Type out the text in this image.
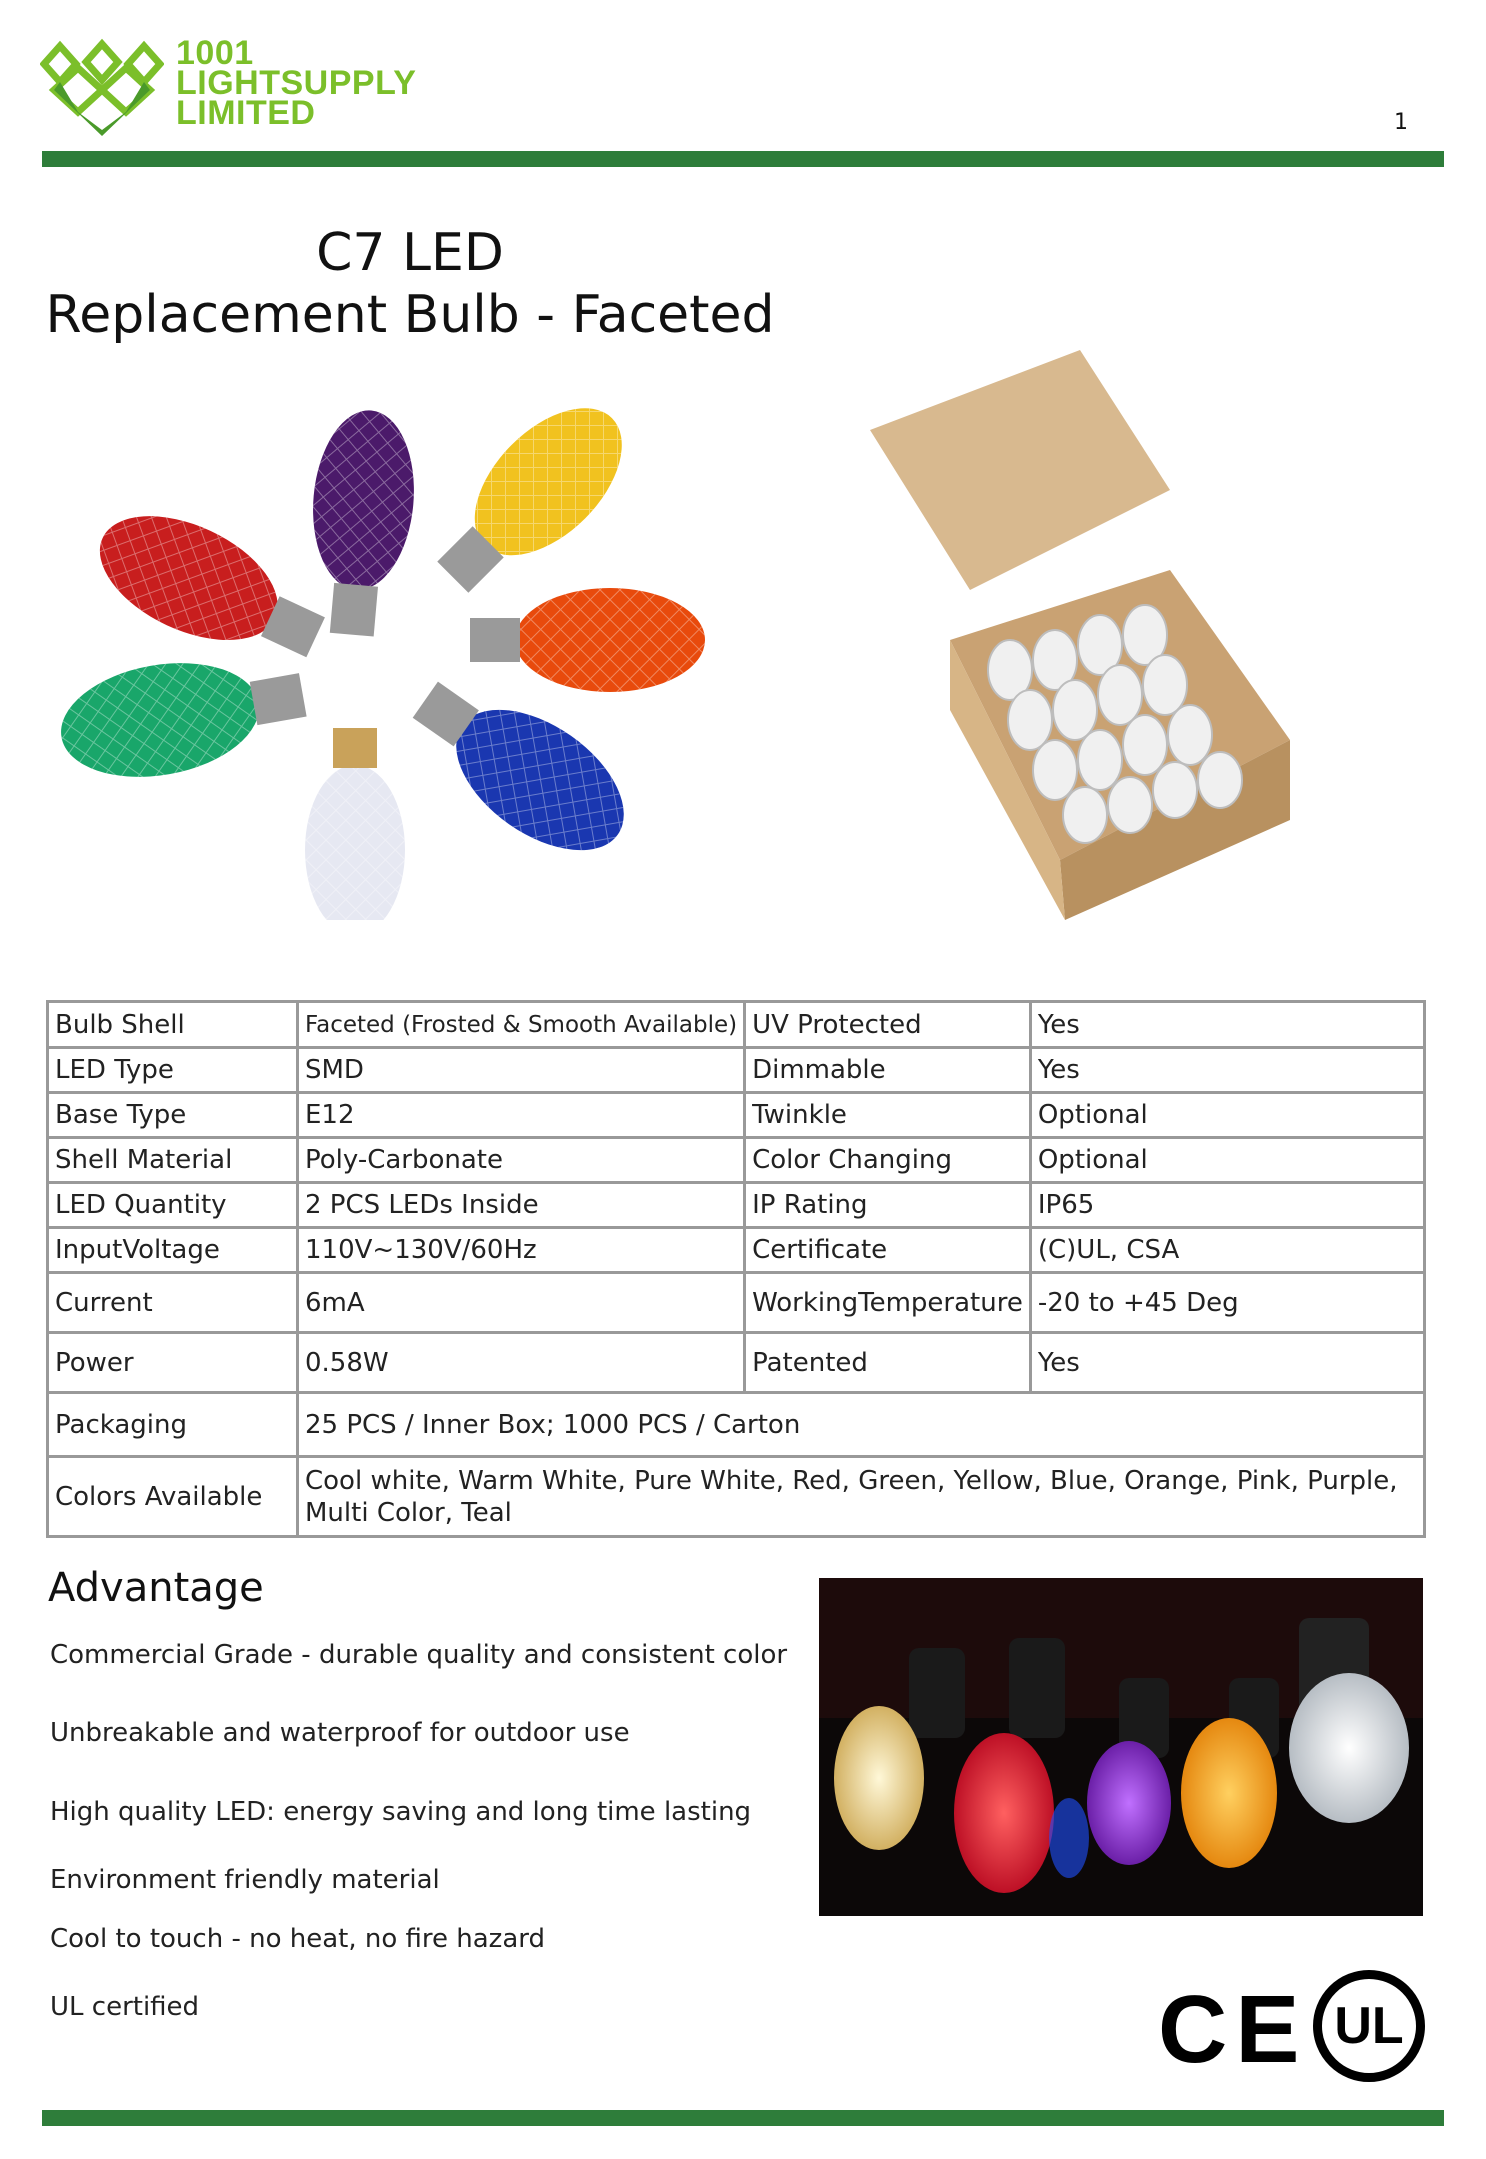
1001
LIGHTSUPPLY
LIMITED	1
C7 LED
Replacement Bulb - Faceted
Bulb Shell	Faceted (Frosted & Smooth Available)	UV Protected	Yes
LED Type	SMD	Dimmable	Yes
Base Type	E12	Twinkle	Optional
Shell Material	Poly-Carbonate	Color Changing	Optional
LED Quantity	2 PCS LEDs Inside	IP Rating	IP65
InputVoltage	110V~130V/60Hz	Certificate	(C)UL, CSA
Current	6mA	WorkingTemperature	-20 to +45 Deg
Power	0.58W	Patented	Yes
Packaging	25 PCS / Inner Box; 1000 PCS / Carton		
Colors Available	Cool white, Warm White, Pure White, Red, Green, Yellow, Blue, Orange, Pink, Purple, Multi Color, Teal		
Advantage
Commercial Grade - durable quality and consistent color
Unbreakable and waterproof for outdoor use
High quality LED: energy saving and long time lasting
Environment friendly material
Cool to touch - no heat, no fire hazard
UL certified	CE UL
